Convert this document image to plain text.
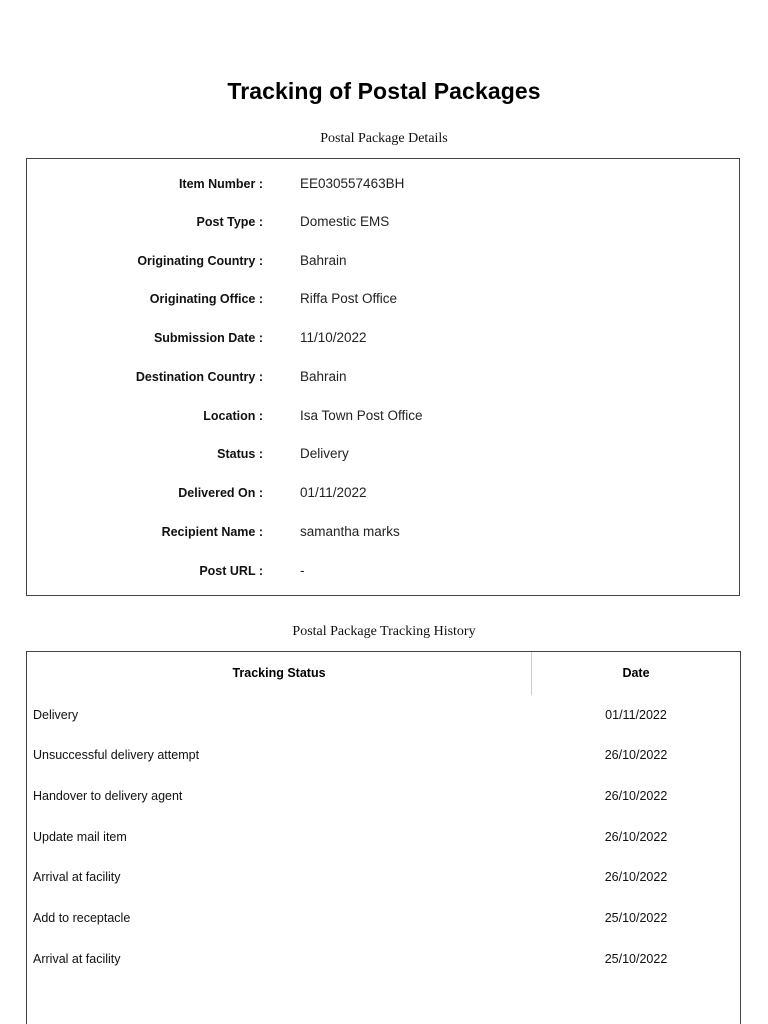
Tracking of Postal Packages
Postal Package Details
Item Number :	EE030557463BH
Post Type :	Domestic EMS
Originating Country :	Bahrain
Originating Office :	Riffa Post Office
Submission Date :	11/10/2022
Destination Country :	Bahrain
Location :	Isa Town Post Office
Status :	Delivery
Delivered On :	01/11/2022
Recipient Name :	samantha marks
Post URL :	-
Postal Package Tracking History
Tracking Status	Date
Delivery	01/11/2022
Unsuccessful delivery attempt	26/10/2022
Handover to delivery agent	26/10/2022
Update mail item	26/10/2022
Arrival at facility	26/10/2022
Add to receptacle	25/10/2022
Arrival at facility	25/10/2022
